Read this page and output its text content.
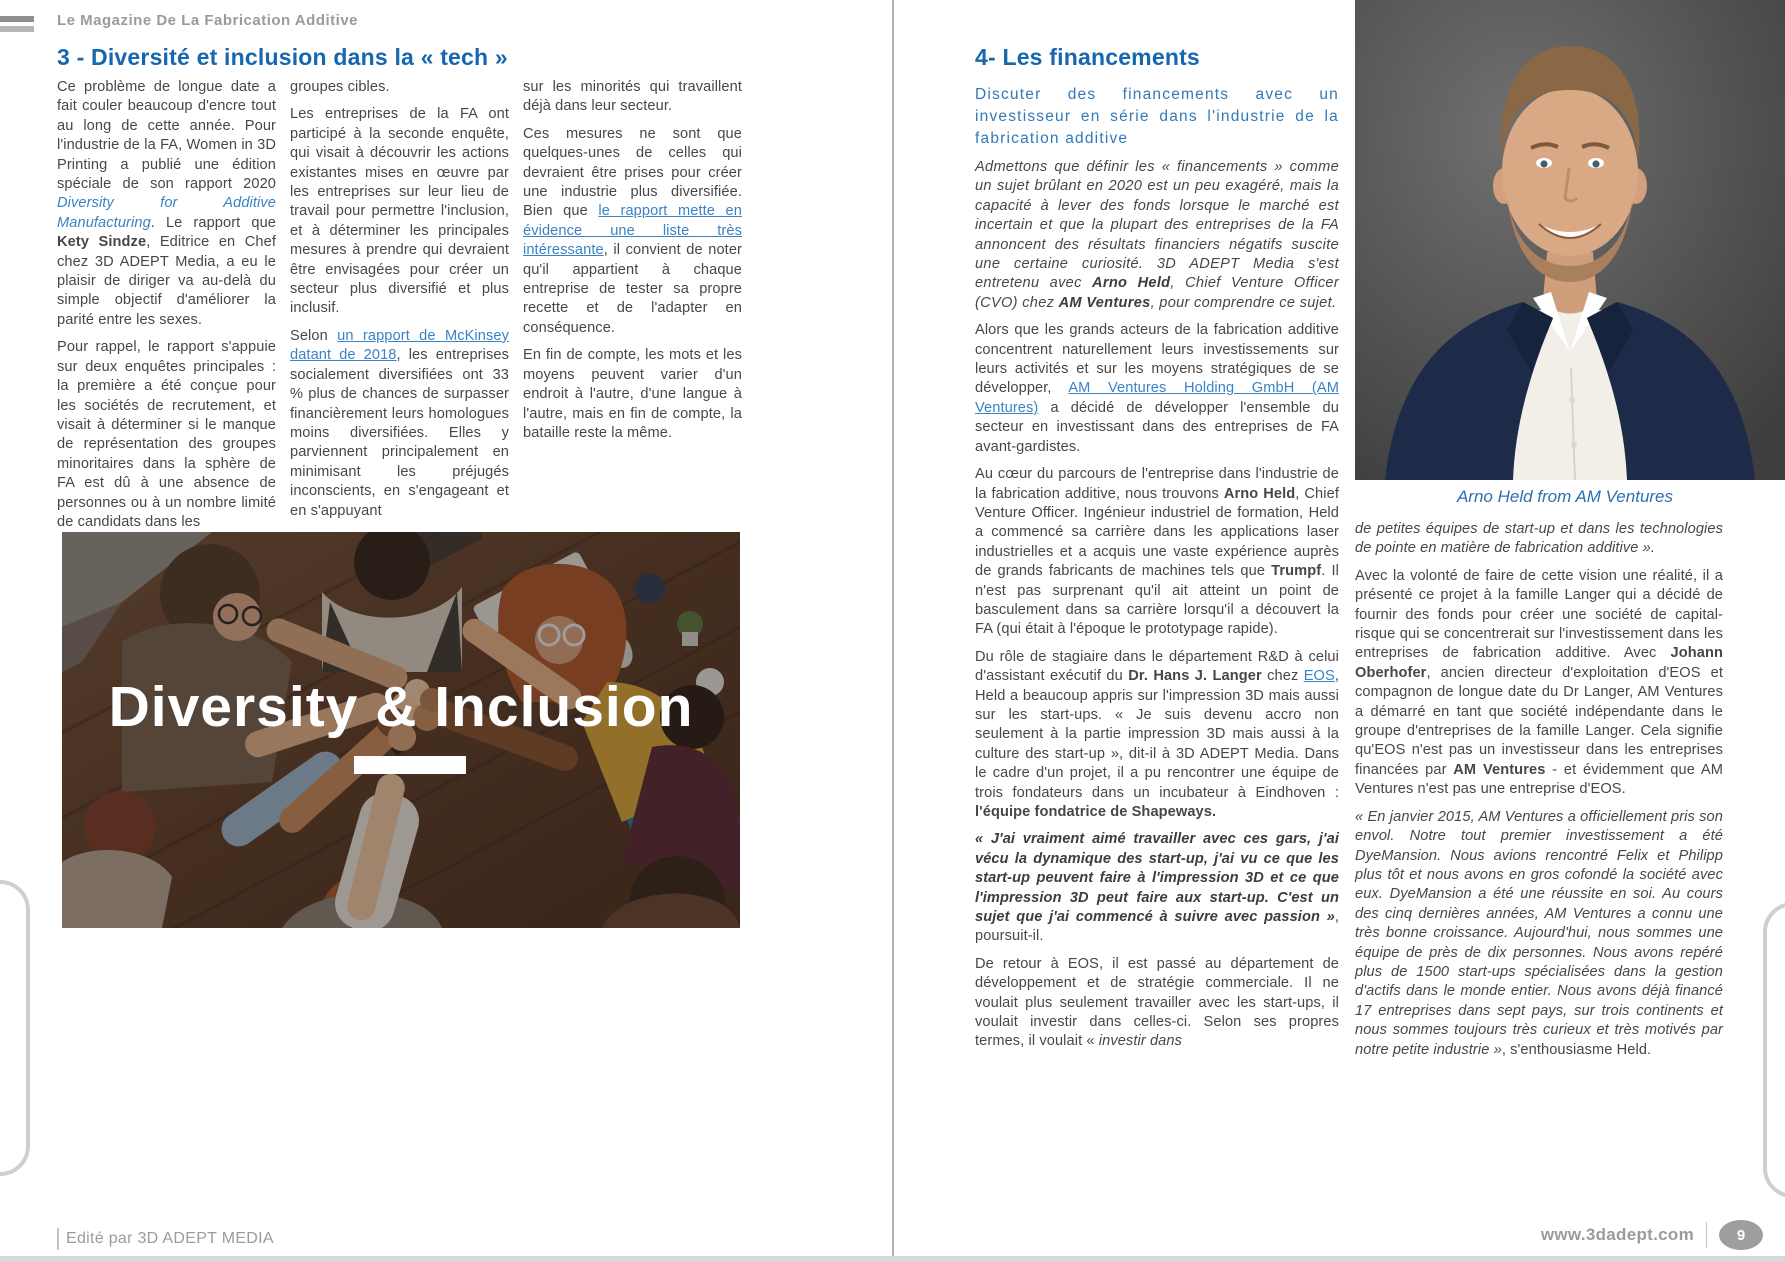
Le Magazine De La Fabrication Additive
3 - Diversité et inclusion dans la « tech »

Ce problème de longue date a fait couler beaucoup d'encre tout au long de cette année. Pour l'industrie de la FA, Women in 3D Printing a publié une édition spéciale de son rapport 2020 Diversity for Additive Manufacturing. Le rapport que Kety Sindze, Editrice en Chef chez 3D ADEPT Media, a eu le plaisir de diriger va au-delà du simple objectif d'améliorer la parité entre les sexes.

Pour rappel, le rapport s'appuie sur deux enquêtes principales : la première a été conçue pour les sociétés de recrutement, et visait à déterminer si le manque de représentation des groupes minoritaires dans la sphère de FA est dû à une absence de personnes ou à un nombre limité de candidats dans les

groupes cibles.

Les entreprises de la FA ont participé à la seconde enquête, qui visait à découvrir les actions existantes mises en œuvre par les entreprises sur leur lieu de travail pour permettre l'inclusion, et à déterminer les principales mesures à prendre qui devraient être envisagées pour créer un secteur plus diversifié et plus inclusif.

Selon un rapport de McKinsey datant de 2018, les entreprises socialement diversifiées ont 33 % plus de chances de surpasser financièrement leurs homologues moins diversifiées. Elles y parviennent principalement en minimisant les préjugés inconscients, en s'engageant et en s'appuyant

sur les minorités qui travaillent déjà dans leur secteur.

Ces mesures ne sont que quelques-unes de celles qui devraient être prises pour créer une industrie plus diversifiée. Bien que le rapport mette en évidence une liste très intéressante, il convient de noter qu'il appartient à chaque entreprise de tester sa propre recette et de l'adapter en conséquence.

En fin de compte, les mots et les moyens peuvent varier d'un endroit à l'autre, d'une langue à l'autre, mais en fin de compte, la bataille reste la même.

Diversity & Inclusion
4- Les financements
Discuter des financements avec un investisseur en série dans l'industrie de la fabrication additive

Admettons que définir les « financements » comme un sujet brûlant en 2020 est un peu exagéré, mais la capacité à lever des fonds lorsque le marché est incertain et que la plupart des entreprises de la FA annoncent des résultats financiers négatifs suscite une certaine curiosité. 3D ADEPT Media s'est entretenu avec Arno Held, Chief Venture Officer (CVO) chez AM Ventures, pour comprendre ce sujet.

Alors que les grands acteurs de la fabrication additive concentrent naturellement leurs investissements sur leurs activités et sur les moyens stratégiques de se développer, AM Ventures Holding GmbH (AM Ventures) a décidé de développer l'ensemble du secteur en investissant dans des entreprises de FA avant-gardistes.

Au cœur du parcours de l'entreprise dans l'industrie de la fabrication additive, nous trouvons Arno Held, Chief Venture Officer. Ingénieur industriel de formation, Held a commencé sa carrière dans les applications laser industrielles et a acquis une vaste expérience auprès de grands fabricants de machines tels que Trumpf. Il n'est pas surprenant qu'il ait atteint un point de basculement dans sa carrière lorsqu'il a découvert la FA (qui était à l'époque le prototypage rapide).

Du rôle de stagiaire dans le département R&D à celui d'assistant exécutif du Dr. Hans J. Langer chez EOS, Held a beaucoup appris sur l'impression 3D mais aussi sur les start-ups. « Je suis devenu accro non seulement à la partie impression 3D mais aussi à la culture des start-up », dit-il à 3D ADEPT Media. Dans le cadre d'un projet, il a pu rencontrer une équipe de trois fondateurs dans un incubateur à Eindhoven : l'équipe fondatrice de Shapeways.

« J'ai vraiment aimé travailler avec ces gars, j'ai vécu la dynamique des start-up, j'ai vu ce que les start-up peuvent faire à l'impression 3D et ce que l'impression 3D peut faire aux start-up. C'est un sujet que j'ai commencé à suivre avec passion », poursuit-il.

De retour à EOS, il est passé au département de développement et de stratégie commerciale. Il ne voulait plus seulement travailler avec les start-ups, il voulait investir dans celles-ci. Selon ses propres termes, il voulait « investir dans

Arno Held from AM Ventures

de petites équipes de start-up et dans les technologies de pointe en matière de fabrication additive ».

Avec la volonté de faire de cette vision une réalité, il a présenté ce projet à la famille Langer qui a décidé de fournir des fonds pour créer une société de capital-risque qui se concentrerait sur l'investissement dans les entreprises de fabrication additive. Avec Johann Oberhofer, ancien directeur d'exploitation d'EOS et compagnon de longue date du Dr Langer, AM Ventures a démarré en tant que société indépendante dans le groupe d'entreprises de la famille Langer. Cela signifie qu'EOS n'est pas un investisseur dans les entreprises financées par AM Ventures - et évidemment que AM Ventures n'est pas une entreprise d'EOS.

« En janvier 2015, AM Ventures a officiellement pris son envol. Notre tout premier investissement a été DyeMansion. Nous avions rencontré Felix et Philipp plus tôt et nous avons en gros cofondé la société avec eux. DyeMansion a été une réussite en soi. Au cours des cinq dernières années, AM Ventures a connu une très bonne croissance. Aujourd'hui, nous sommes une équipe de près de dix personnes. Nous avons repéré plus de 1500 start-ups spécialisées dans la gestion d'actifs dans le monde entier. Nous avons déjà financé 17 entreprises dans sept pays, sur trois continents et nous sommes toujours très curieux et très motivés par notre petite industrie », s'enthousiasme Held.

Edité par 3D ADEPT MEDIA	www.3dadept.com	9
